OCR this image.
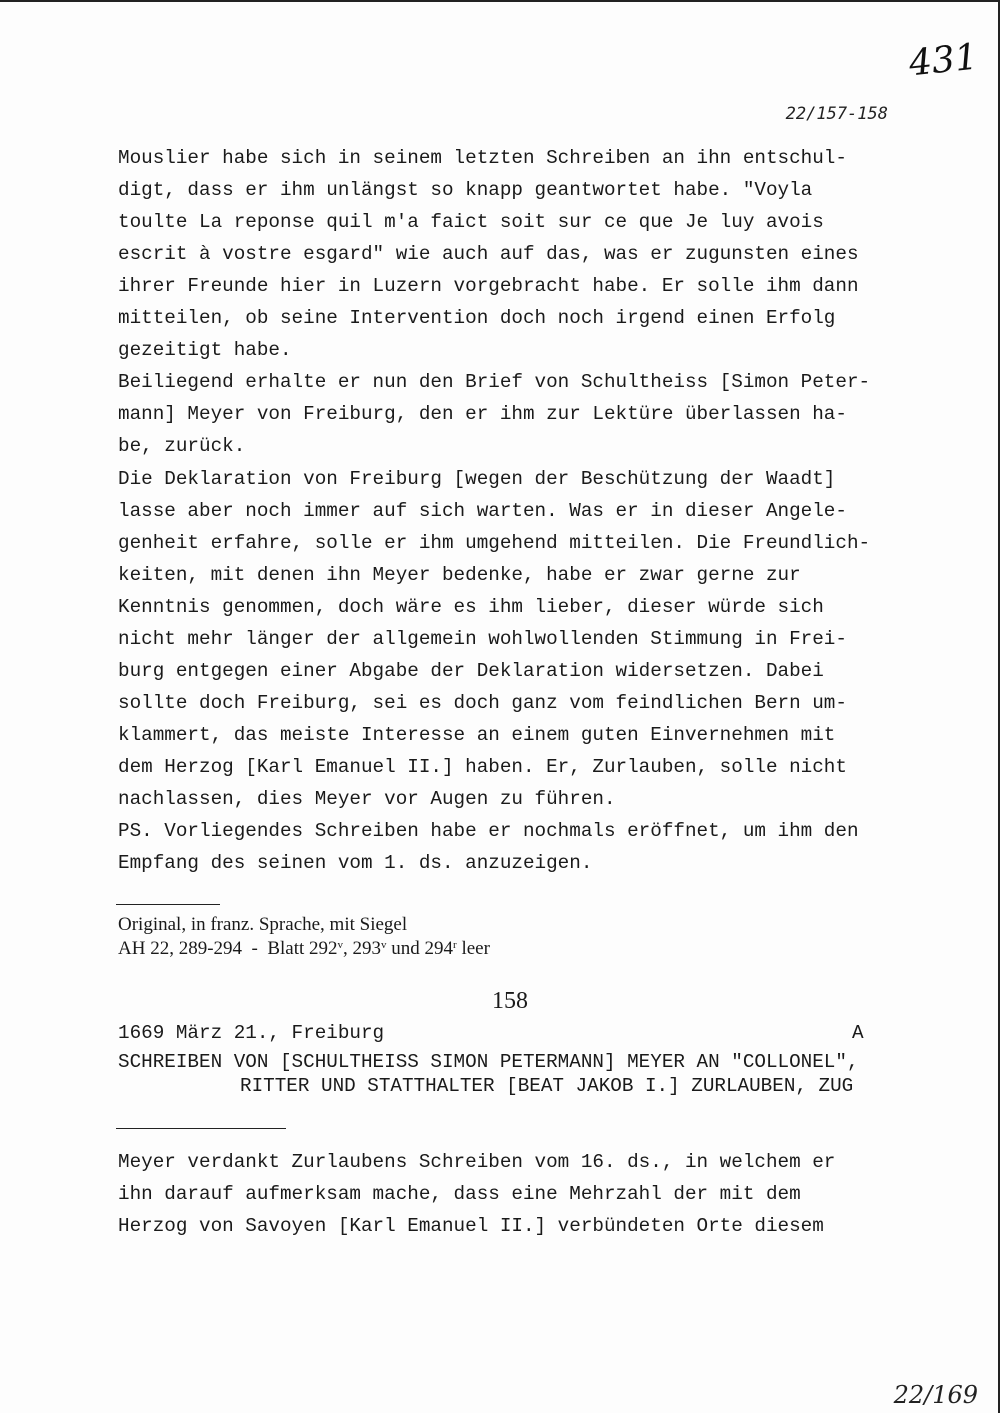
431
22/157-158
Mouslier habe sich in seinem letzten Schreiben an ihn entschul-
digt, dass er ihm unlängst so knapp geantwortet habe. "Voyla
toulte La reponse quil m'a faict soit sur ce que Je luy avois
escrit à vostre esgard" wie auch auf das, was er zugunsten eines
ihrer Freunde hier in Luzern vorgebracht habe. Er solle ihm dann
mitteilen, ob seine Intervention doch noch irgend einen Erfolg
gezeitigt habe.
Beiliegend erhalte er nun den Brief von Schultheiss [Simon Peter-
mann] Meyer von Freiburg, den er ihm zur Lektüre überlassen ha-
be, zurück.
Die Deklaration von Freiburg [wegen der Beschützung der Waadt]
lasse aber noch immer auf sich warten. Was er in dieser Angele-
genheit erfahre, solle er ihm umgehend mitteilen. Die Freundlich-
keiten, mit denen ihn Meyer bedenke, habe er zwar gerne zur
Kenntnis genommen, doch wäre es ihm lieber, dieser würde sich
nicht mehr länger der allgemein wohlwollenden Stimmung in Frei-
burg entgegen einer Abgabe der Deklaration widersetzen. Dabei
sollte doch Freiburg, sei es doch ganz vom feindlichen Bern um-
klammert, das meiste Interesse an einem guten Einvernehmen mit
dem Herzog [Karl Emanuel II.] haben. Er, Zurlauben, solle nicht
nachlassen, dies Meyer vor Augen zu führen.
PS. Vorliegendes Schreiben habe er nochmals eröffnet, um ihm den
Empfang des seinen vom 1. ds. anzuzeigen.
Original, in franz. Sprache, mit Siegel
AH 22, 289-294  -  Blatt 292$^v$, 293$^v$ und 294$^r$ leer
158
1669 März 21., Freiburg	A
SCHREIBEN VON [SCHULTHEISS SIMON PETERMANN] MEYER AN "COLLONEL",
RITTER UND STATTHALTER [BEAT JAKOB I.] ZURLAUBEN, ZUG
Meyer verdankt Zurlaubens Schreiben vom 16. ds., in welchem er
ihn darauf aufmerksam mache, dass eine Mehrzahl der mit dem
Herzog von Savoyen [Karl Emanuel II.] verbündeten Orte diesem
22/169
